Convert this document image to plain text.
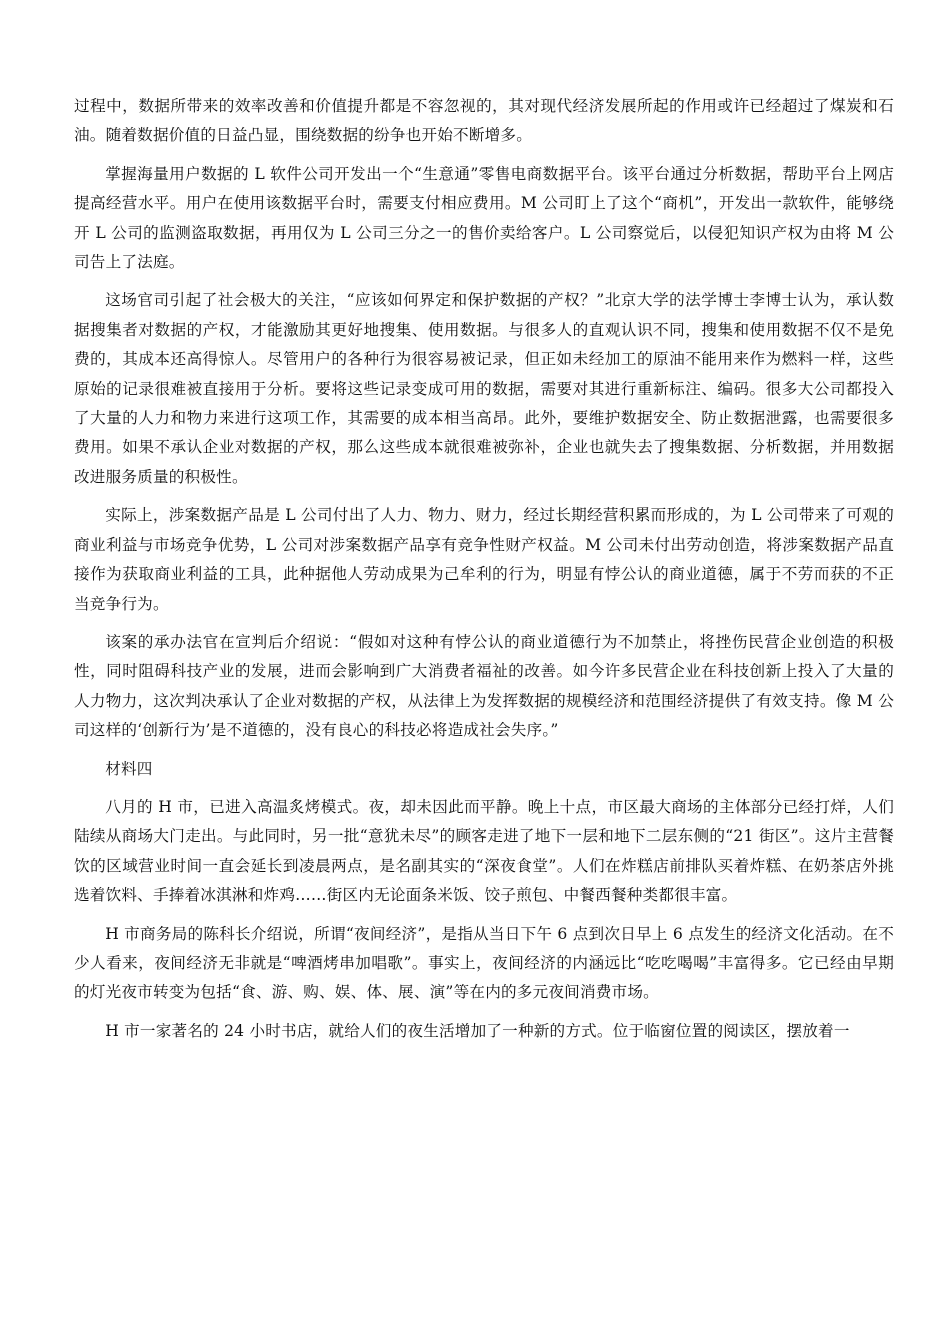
过程中，数据所带来的效率改善和价值提升都是不容忽视的，其对现代经济发展所起的作用或许已经超过了煤炭和石油。随着数据价值的日益凸显，围绕数据的纷争也开始不断增多。

掌握海量用户数据的 L 软件公司开发出一个“生意通”零售电商数据平台。该平台通过分析数据，帮助平台上网店提高经营水平。用户在使用该数据平台时，需要支付相应费用。M 公司盯上了这个“商机”，开发出一款软件，能够绕开 L 公司的监测盗取数据，再用仅为 L 公司三分之一的售价卖给客户。L 公司察觉后，以侵犯知识产权为由将 M 公司告上了法庭。

这场官司引起了社会极大的关注，“应该如何界定和保护数据的产权？”北京大学的法学博士李博士认为，承认数据搜集者对数据的产权，才能激励其更好地搜集、使用数据。与很多人的直观认识不同，搜集和使用数据不仅不是免费的，其成本还高得惊人。尽管用户的各种行为很容易被记录，但正如未经加工的原油不能用来作为燃料一样，这些原始的记录很难被直接用于分析。要将这些记录变成可用的数据，需要对其进行重新标注、编码。很多大公司都投入了大量的人力和物力来进行这项工作，其需要的成本相当高昂。此外，要维护数据安全、防止数据泄露，也需要很多费用。如果不承认企业对数据的产权，那么这些成本就很难被弥补，企业也就失去了搜集数据、分析数据，并用数据改进服务质量的积极性。

实际上，涉案数据产品是 L 公司付出了人力、物力、财力，经过长期经营积累而形成的，为 L 公司带来了可观的商业利益与市场竞争优势，L 公司对涉案数据产品享有竞争性财产权益。M 公司未付出劳动创造，将涉案数据产品直接作为获取商业利益的工具，此种据他人劳动成果为己牟利的行为，明显有悖公认的商业道德，属于不劳而获的不正当竞争行为。

该案的承办法官在宣判后介绍说：“假如对这种有悖公认的商业道德行为不加禁止，将挫伤民营企业创造的积极性，同时阻碍科技产业的发展，进而会影响到广大消费者福祉的改善。如今许多民营企业在科技创新上投入了大量的人力物力，这次判决承认了企业对数据的产权，从法律上为发挥数据的规模经济和范围经济提供了有效支持。像 M 公司这样的‘创新行为’是不道德的，没有良心的科技必将造成社会失序。”

材料四

八月的 H 市，已进入高温炙烤模式。夜，却未因此而平静。晚上十点，市区最大商场的主体部分已经打烊，人们陆续从商场大门走出。与此同时，另一批“意犹未尽”的顾客走进了地下一层和地下二层东侧的“21 街区”。这片主营餐饮的区域营业时间一直会延长到凌晨两点，是名副其实的“深夜食堂”。人们在炸糕店前排队买着炸糕、在奶茶店外挑选着饮料、手捧着冰淇淋和炸鸡……街区内无论面条米饭、饺子煎包、中餐西餐种类都很丰富。

H 市商务局的陈科长介绍说，所谓“夜间经济”，是指从当日下午 6 点到次日早上 6 点发生的经济文化活动。在不少人看来，夜间经济无非就是“啤酒烤串加唱歌”。事实上，夜间经济的内涵远比“吃吃喝喝”丰富得多。它已经由早期的灯光夜市转变为包括“食、游、购、娱、体、展、演”等在内的多元夜间消费市场。

H 市一家著名的 24 小时书店，就给人们的夜生活增加了一种新的方式。位于临窗位置的阅读区，摆放着一
